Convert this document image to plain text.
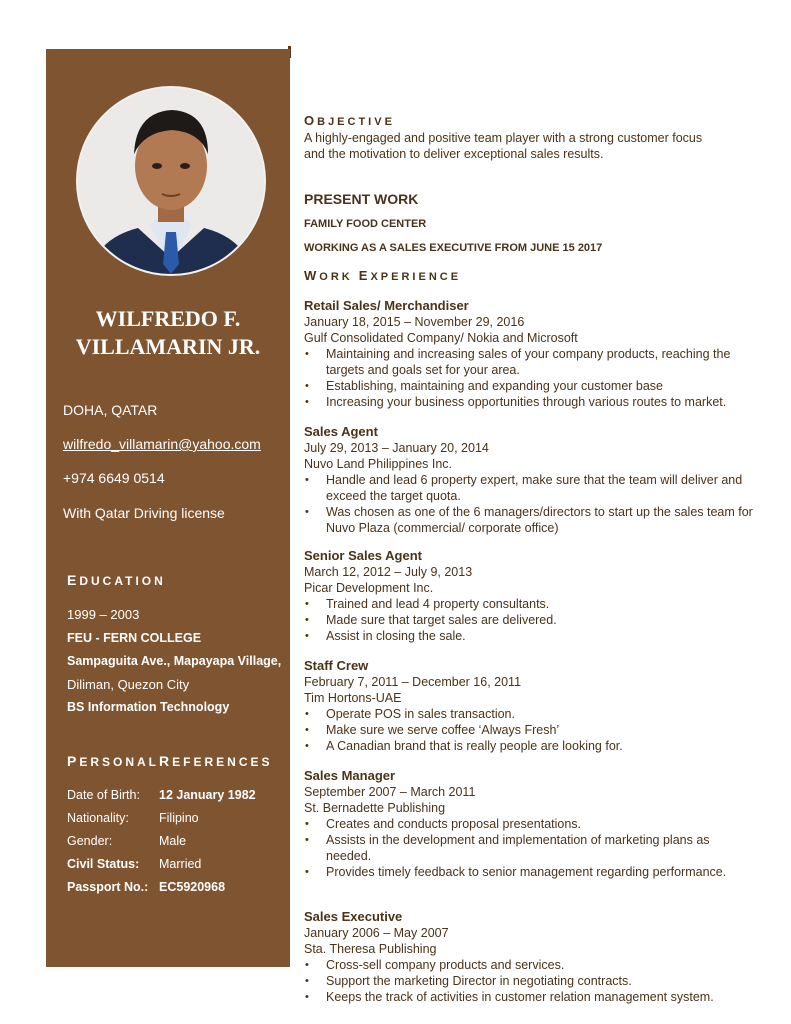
WILFREDO F.
VILLAMARIN JR.
DOHA, QATAR
wilfredo_villamarin@yahoo.com
+974 6649 0514
With Qatar Driving license
EDUCATION
1999 – 2003
FEU - FERN COLLEGE
Sampaguita Ave., Mapayapa Village,
Diliman, Quezon City
BS Information Technology
PERSONALREFERENCES
Date of Birth: 12 January 1982
Nationality: Filipino
Gender:	Male
Civil Status: Married
Passport No.: EC5920968
OBJECTIVE
A highly-engaged and positive team player with a strong customer focus
and the motivation to deliver exceptional sales results.
PRESENT WORK
FAMILY FOOD CENTER
WORKING AS A SALES EXECUTIVE FROM JUNE 15 2017
WORK EXPERIENCE
Retail Sales/ Merchandiser
January 18, 2015 – November 29, 2016
Gulf Consolidated Company/ Nokia and Microsoft
• Maintaining and increasing sales of your company products, reaching the targets and goals set for your area.
• Establishing, maintaining and expanding your customer base
• Increasing your business opportunities through various routes to market.
Sales Agent
July 29, 2013 – January 20, 2014
Nuvo Land Philippines Inc.
• Handle and lead 6 property expert, make sure that the team will deliver and exceed the target quota.
• Was chosen as one of the 6 managers/directors to start up the sales team for Nuvo Plaza (commercial/ corporate office)
Senior Sales Agent
March 12, 2012 – July 9, 2013
Picar Development Inc.
• Trained and lead 4 property consultants.
• Made sure that target sales are delivered.
• Assist in closing the sale.
Staff Crew
February 7, 2011 – December 16, 2011
Tim Hortons-UAE
• Operate POS in sales transaction.
• Make sure we serve coffee ‘Always Fresh’
• A Canadian brand that is really people are looking for.
Sales Manager
September 2007 – March 2011
St. Bernadette Publishing
• Creates and conducts proposal presentations.
• Assists in the development and implementation of marketing plans as needed.
• Provides timely feedback to senior management regarding performance.
Sales Executive
January 2006 – May 2007
Sta. Theresa Publishing
• Cross-sell company products and services.
• Support the marketing Director in negotiating contracts.
• Keeps the track of activities in customer relation management system.
